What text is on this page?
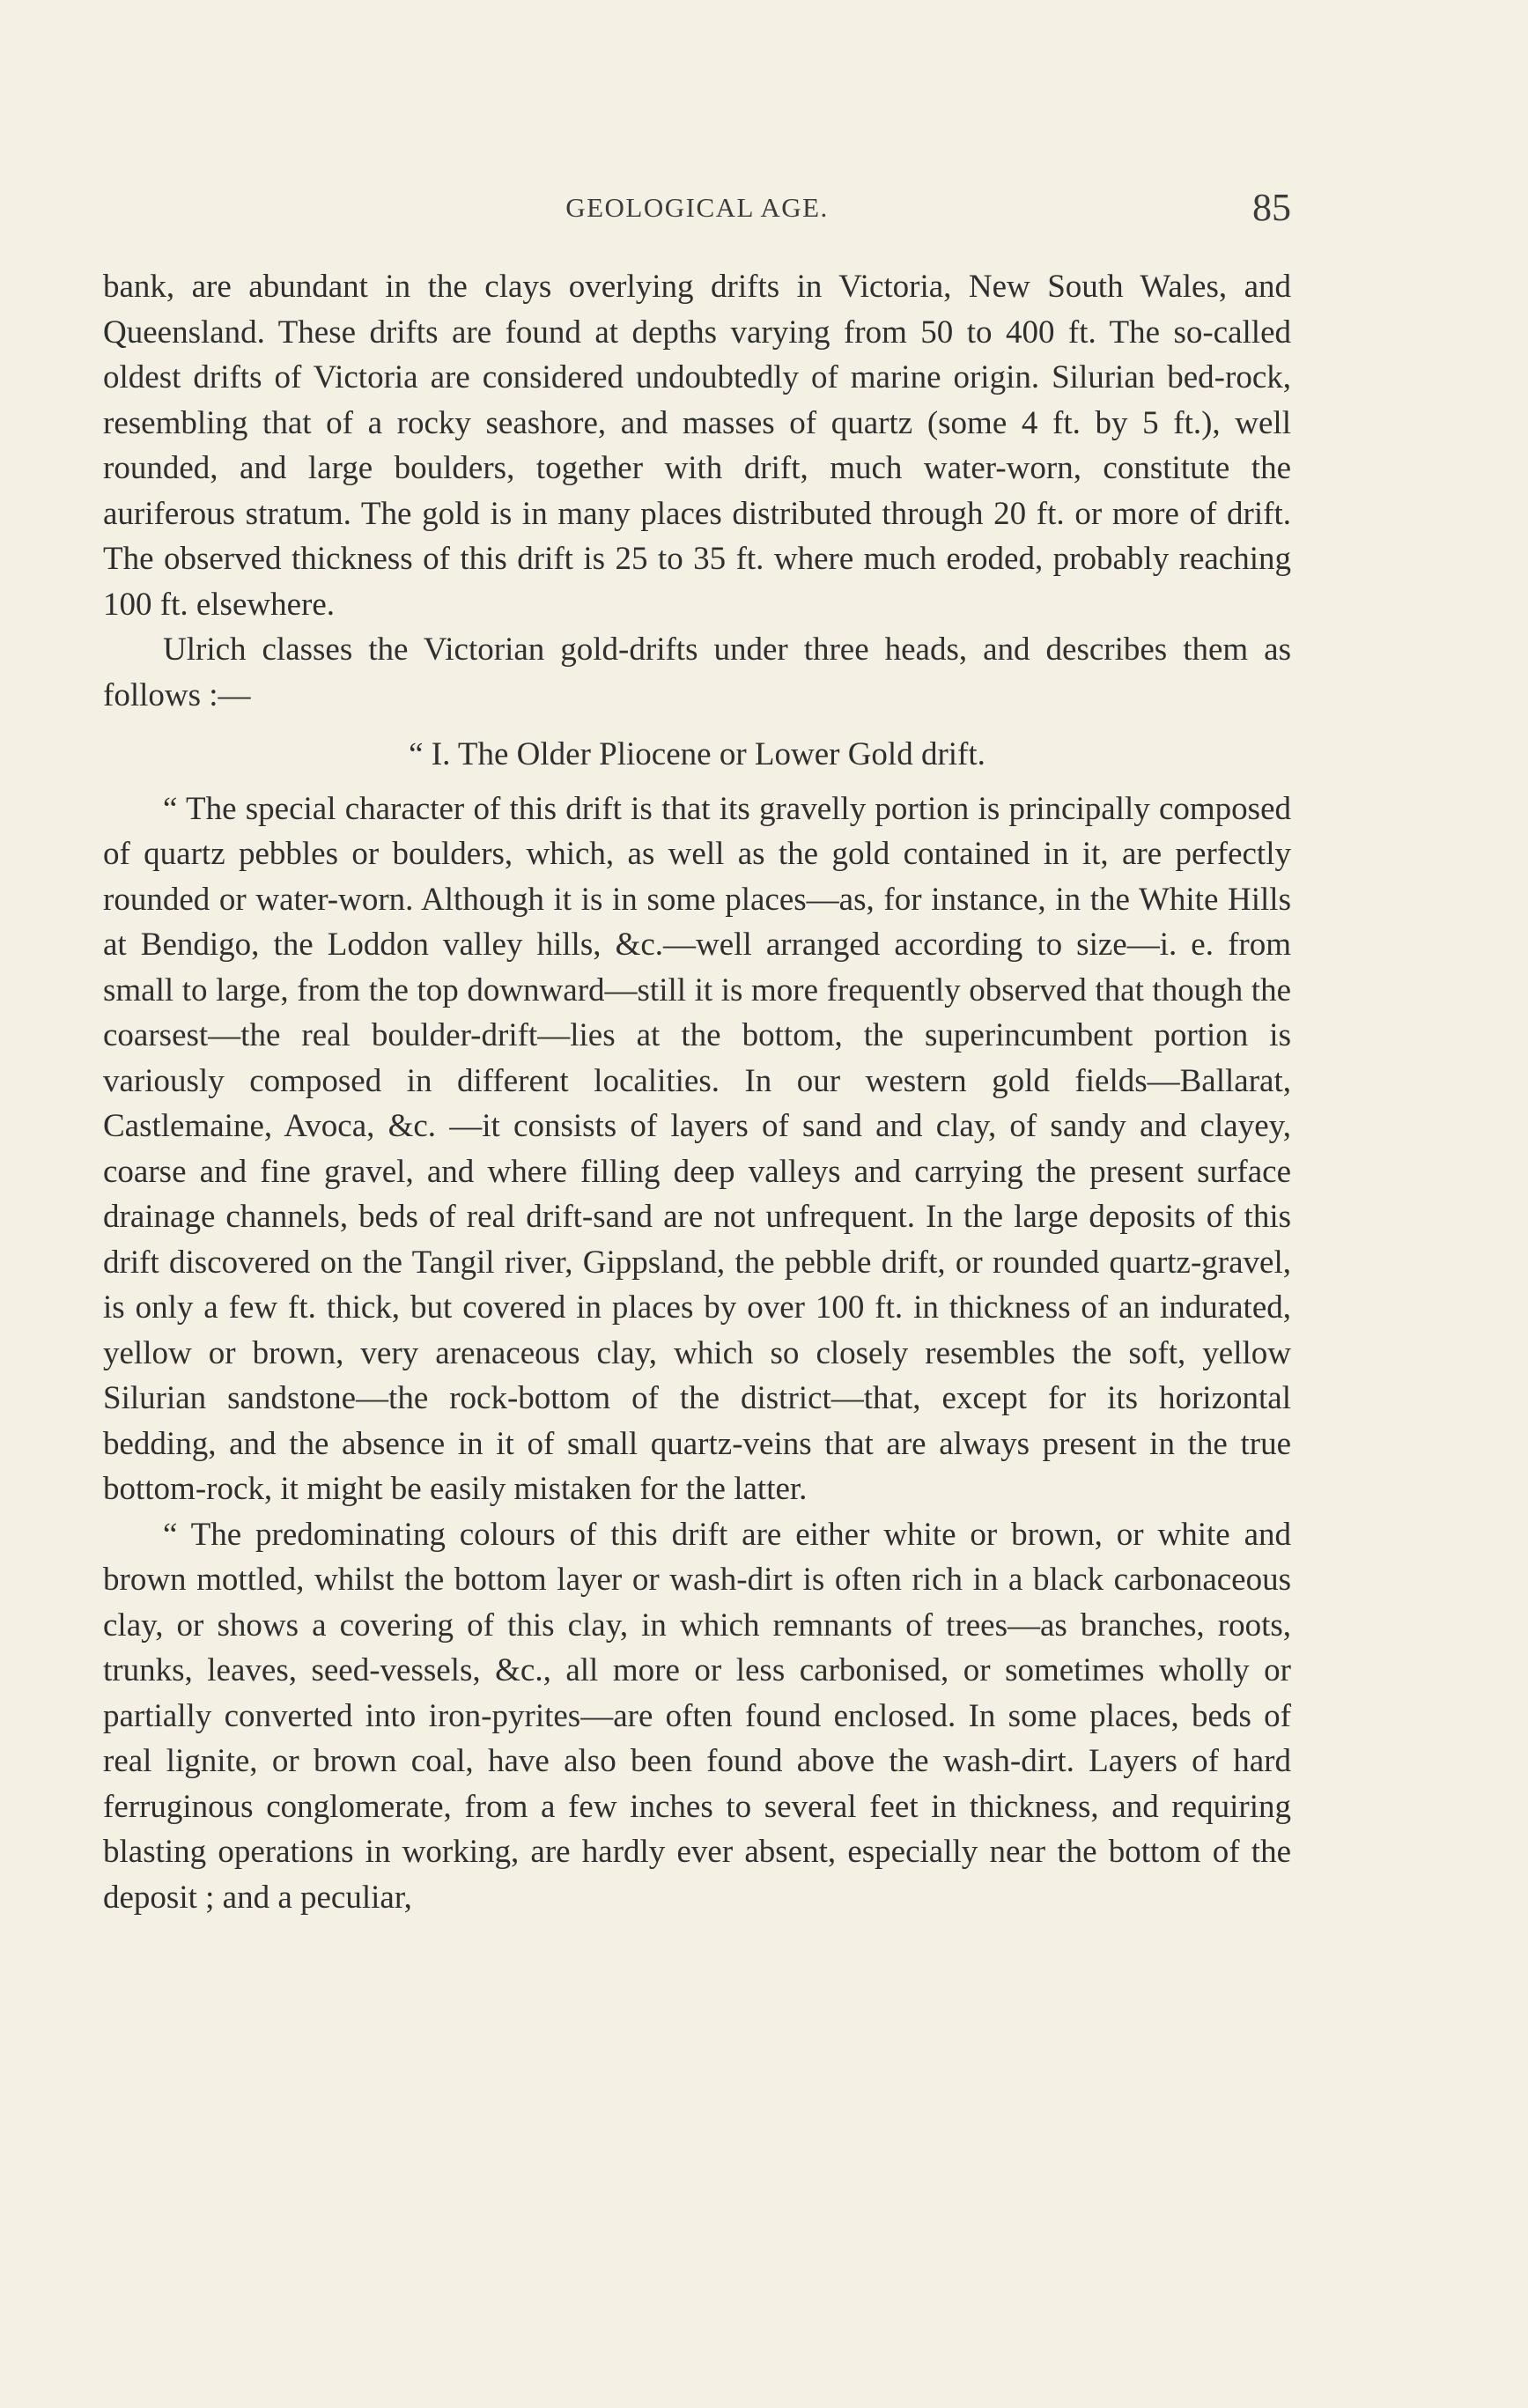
GEOLOGICAL AGE.	85

bank, are abundant in the clays overlying drifts in Victoria, New South Wales, and Queensland. These drifts are found at depths varying from 50 to 400 ft. The so-called oldest drifts of Victoria are considered undoubtedly of marine origin. Silurian bed-rock, resembling that of a rocky seashore, and masses of quartz (some 4 ft. by 5 ft.), well rounded, and large boulders, together with drift, much water-worn, constitute the auriferous stratum. The gold is in many places distributed through 20 ft. or more of drift. The observed thickness of this drift is 25 to 35 ft. where much eroded, probably reaching 100 ft. elsewhere.

Ulrich classes the Victorian gold-drifts under three heads, and describes them as follows :—

“ I. The Older Pliocene or Lower Gold drift.

“ The special character of this drift is that its gravelly portion is principally composed of quartz pebbles or boulders, which, as well as the gold contained in it, are perfectly rounded or water-worn. Although it is in some places—as, for instance, in the White Hills at Bendigo, the Loddon valley hills, &c.—well arranged according to size—i. e. from small to large, from the top downward—still it is more frequently observed that though the coarsest—the real boulder-drift—lies at the bottom, the superincumbent portion is variously composed in different localities. In our western gold fields—Ballarat, Castlemaine, Avoca, &c. —it consists of layers of sand and clay, of sandy and clayey, coarse and fine gravel, and where filling deep valleys and carrying the present surface drainage channels, beds of real drift-sand are not unfrequent. In the large deposits of this drift discovered on the Tangil river, Gippsland, the pebble drift, or rounded quartz-gravel, is only a few ft. thick, but covered in places by over 100 ft. in thickness of an indurated, yellow or brown, very arenaceous clay, which so closely resembles the soft, yellow Silurian sandstone—the rock-bottom of the district—that, except for its horizontal bedding, and the absence in it of small quartz-veins that are always present in the true bottom-rock, it might be easily mistaken for the latter.

“ The predominating colours of this drift are either white or brown, or white and brown mottled, whilst the bottom layer or wash-dirt is often rich in a black carbonaceous clay, or shows a covering of this clay, in which remnants of trees—as branches, roots, trunks, leaves, seed-vessels, &c., all more or less carbonised, or sometimes wholly or partially converted into iron-pyrites—are often found enclosed. In some places, beds of real lignite, or brown coal, have also been found above the wash-dirt. Layers of hard ferruginous conglomerate, from a few inches to several feet in thickness, and requiring blasting operations in working, are hardly ever absent, especially near the bottom of the deposit ; and a peculiar,
